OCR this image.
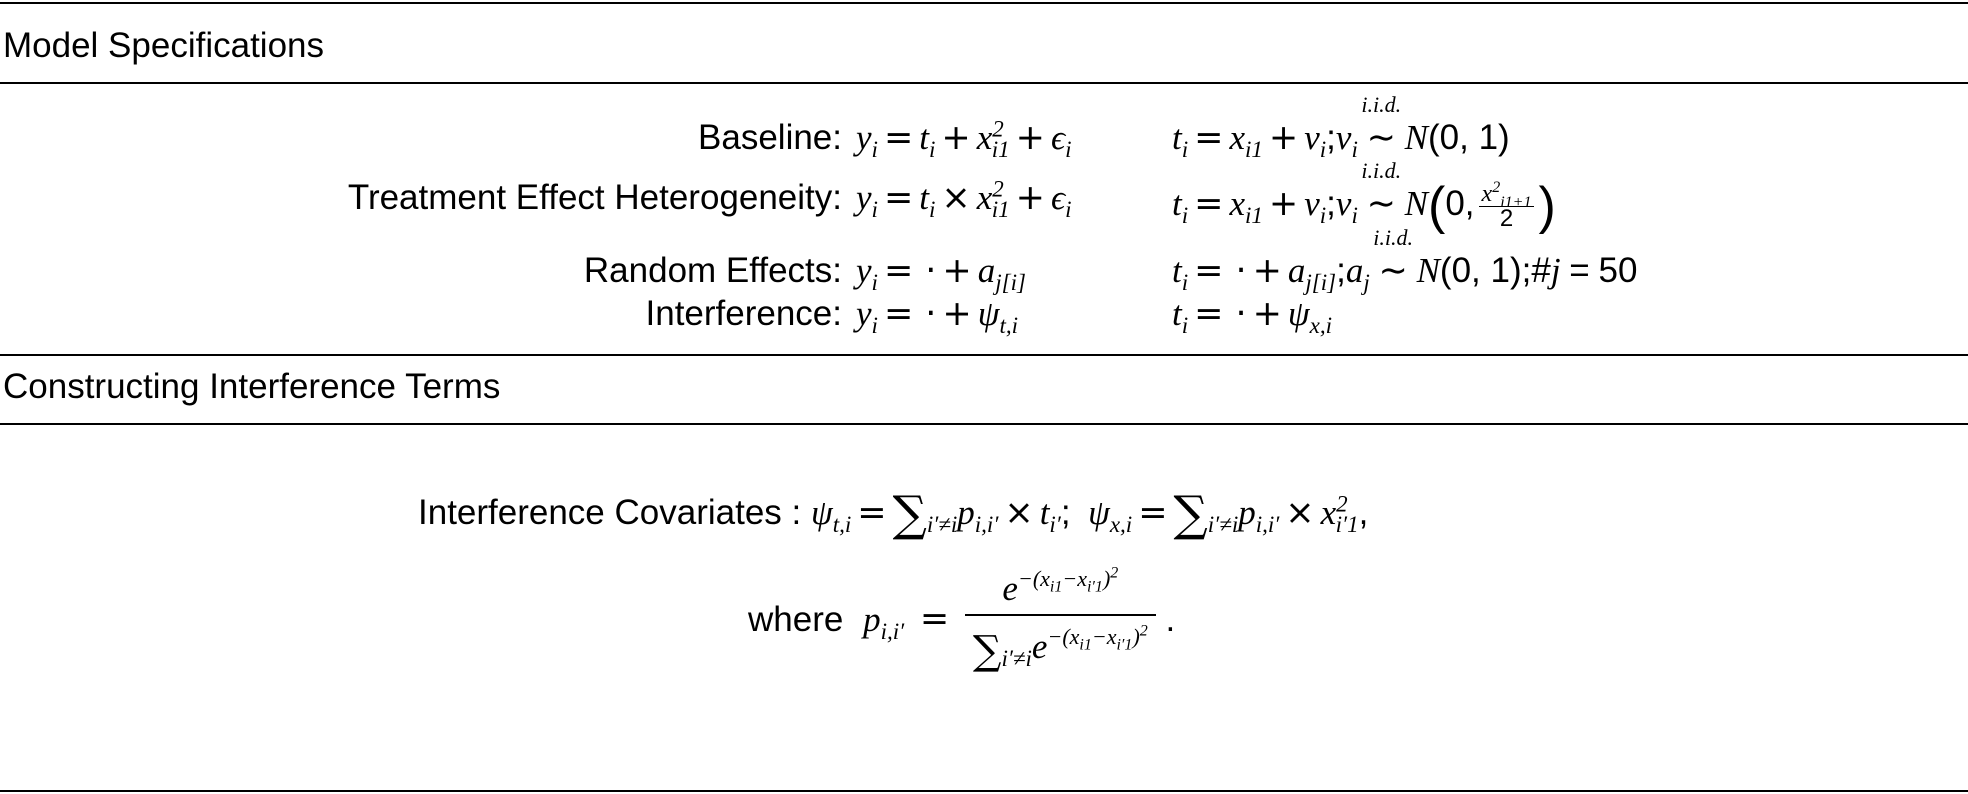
Model Specifications
Baseline: $y_i = t_i + x^2_{i1} + \epsilon_i$	$t_i = x_{i1}$ + $v_i;v_i$
i.i.d.
∼ N(0, 1)
Treatment Effect Heterogeneity: $y_i = t_i \times x^2_{i1} + \epsilon_i$	$t_i = x_{i1}$ + $v_i;v_i$
i.i.d.
∼ N(0, $\frac{x^2_{i1+1}}{2}$ )
Random Effects: $y_i$ = · + $a_{j[i]}$	$t_i$ = · + $a_{j[i]};a_j$
i.i.d.
∼ N(0, 1);#j = 50
Interference: $y_i$ = · + $\psi_{t,i}$	$t_i$ = · + $\psi_{x,i}$
Constructing Interference Terms
Interference Covariates : $\psi_{t,i} = \sum_{i'\ne i}p_{i,i'} \times t_{i'}$;  $\psi_{x,i} = \sum_{i'\ne i}p_{i,i'} \times x^2_{i'1}$,
where $p_{i,i'} = \frac{e^{-(x_{i1}-x_{i'1})^2}}{\sum_{i'\ne i}e^{-(x_{i1}-x_{i'1})^2}}$ .
